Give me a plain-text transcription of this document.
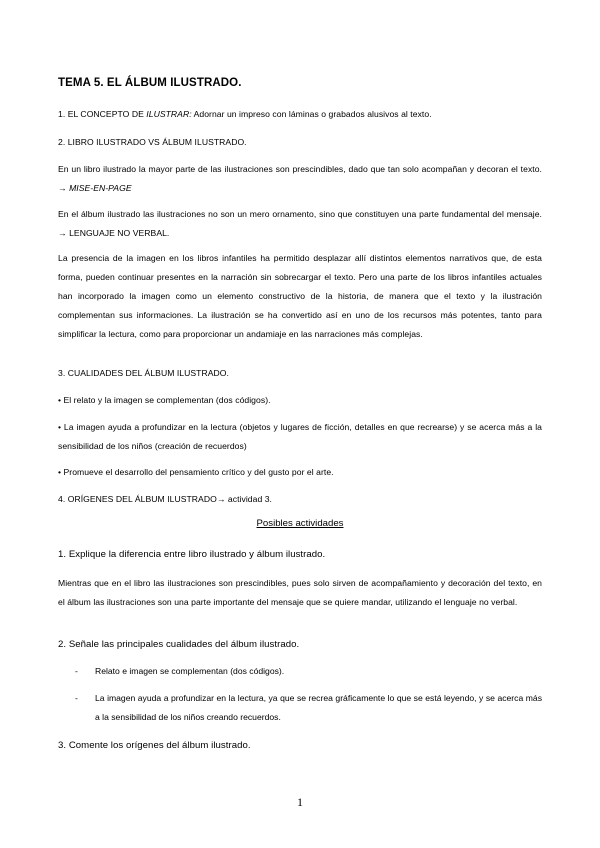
TEMA 5. EL ÁLBUM ILUSTRADO.

1. EL CONCEPTO DE ILUSTRAR: Adornar un impreso con láminas o grabados alusivos al texto.

2. LIBRO ILUSTRADO VS ÁLBUM ILUSTRADO.

En un libro ilustrado la mayor parte de las ilustraciones son prescindibles, dado que tan solo acompañan y decoran el texto. → MISE-EN-PAGE

En el álbum ilustrado las ilustraciones no son un mero ornamento, sino que constituyen una parte fundamental del mensaje. → LENGUAJE NO VERBAL.

La presencia de la imagen en los libros infantiles ha permitido desplazar allí distintos elementos narrativos que, de esta forma, pueden continuar presentes en la narración sin sobrecargar el texto. Pero una parte de los libros infantiles actuales han incorporado la imagen como un elemento constructivo de la historia, de manera que el texto y la ilustración complementan sus informaciones. La ilustración se ha convertido así en uno de los recursos más potentes, tanto para simplificar la lectura, como para proporcionar un andamiaje en las narraciones más complejas.

3. CUALIDADES DEL ÁLBUM ILUSTRADO.

• El relato y la imagen se complementan (dos códigos).

• La imagen ayuda a profundizar en la lectura (objetos y lugares de ficción, detalles en que recrearse) y se acerca más a la sensibilidad de los niños (creación de recuerdos)

• Promueve el desarrollo del pensamiento crítico y del gusto por el arte.

4. ORÍGENES DEL ÁLBUM ILUSTRADO→ actividad 3.

Posibles actividades

1. Explique la diferencia entre libro ilustrado y álbum ilustrado.

Mientras que en el libro las ilustraciones son prescindibles, pues solo sirven de acompañamiento y decoración del texto, en el álbum las ilustraciones son una parte importante del mensaje que se quiere mandar, utilizando el lenguaje no verbal.

2. Señale las principales cualidades del álbum ilustrado.

- Relato e imagen se complementan (dos códigos).
- La imagen ayuda a profundizar en la lectura, ya que se recrea gráficamente lo que se está leyendo, y se acerca más a la sensibilidad de los niños creando recuerdos.

3. Comente los orígenes del álbum ilustrado.

1
